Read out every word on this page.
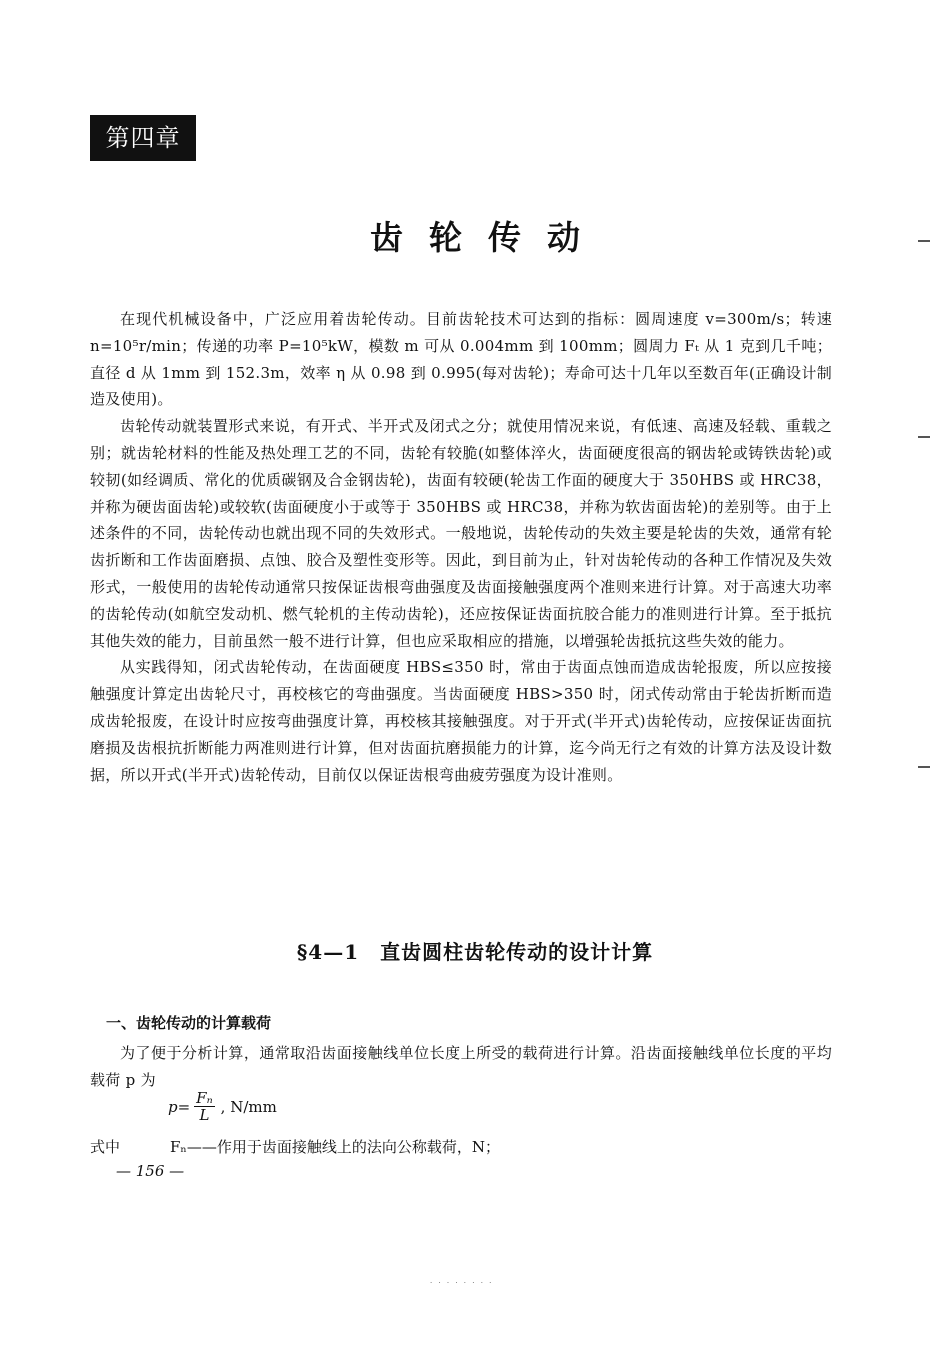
第四章
齿轮传动

在现代机械设备中，广泛应用着齿轮传动。目前齿轮技术可达到的指标：圆周速度 v=300m/s；转速 n=10⁵r/min；传递的功率 P=10⁵kW，模数 m 可从 0.004mm 到 100mm；圆周力 Fₜ 从 1 克到几千吨；直径 d 从 1mm 到 152.3m，效率 η 从 0.98 到 0.995(每对齿轮)；寿命可达十几年以至数百年(正确设计制造及使用)。

齿轮传动就装置形式来说，有开式、半开式及闭式之分；就使用情况来说，有低速、高速及轻载、重载之别；就齿轮材料的性能及热处理工艺的不同，齿轮有较脆(如整体淬火，齿面硬度很高的钢齿轮或铸铁齿轮)或较韧(如经调质、常化的优质碳钢及合金钢齿轮)，齿面有较硬(轮齿工作面的硬度大于 350HBS 或 HRC38，并称为硬齿面齿轮)或较软(齿面硬度小于或等于 350HBS 或 HRC38，并称为软齿面齿轮)的差别等。由于上述条件的不同，齿轮传动也就出现不同的失效形式。一般地说，齿轮传动的失效主要是轮齿的失效，通常有轮齿折断和工作齿面磨损、点蚀、胶合及塑性变形等。因此，到目前为止，针对齿轮传动的各种工作情况及失效形式，一般使用的齿轮传动通常只按保证齿根弯曲强度及齿面接触强度两个准则来进行计算。对于高速大功率的齿轮传动(如航空发动机、燃气轮机的主传动齿轮)，还应按保证齿面抗胶合能力的准则进行计算。至于抵抗其他失效的能力，目前虽然一般不进行计算，但也应采取相应的措施，以增强轮齿抵抗这些失效的能力。

从实践得知，闭式齿轮传动，在齿面硬度 HBS≤350 时，常由于齿面点蚀而造成齿轮报废，所以应按接触强度计算定出齿轮尺寸，再校核它的弯曲强度。当齿面硬度 HBS>350 时，闭式传动常由于轮齿折断而造成齿轮报废，在设计时应按弯曲强度计算，再校核其接触强度。对于开式(半开式)齿轮传动，应按保证齿面抗磨损及齿根抗折断能力两准则进行计算，但对齿面抗磨损能力的计算，迄今尚无行之有效的计算方法及设计数据，所以开式(半开式)齿轮传动，目前仅以保证齿根弯曲疲劳强度为设计准则。

§4—1　直齿圆柱齿轮传动的设计计算
一、齿轮传动的计算载荷
为了便于分析计算，通常取沿齿面接触线单位长度上所受的载荷进行计算。沿齿面接触线单位长度的平均载荷 p 为
$p= \frac{\text{Fₙ}}{L}$ , N/mm
式中	Fₙ——作用于齿面接触线上的法向公称载荷，N；
— 156 —
· · · · · · · ·
